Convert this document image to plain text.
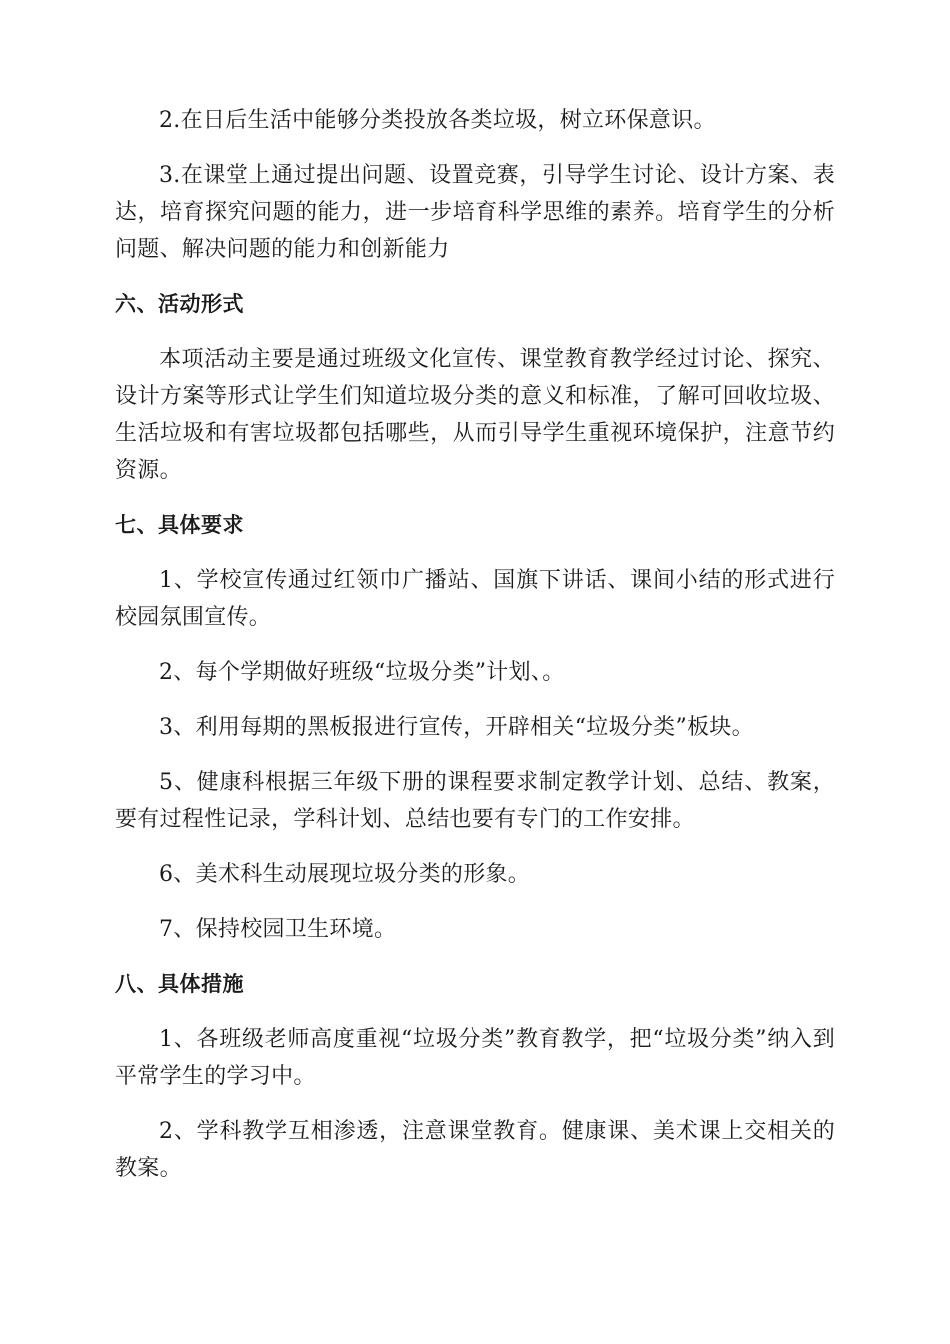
2.在日后生活中能够分类投放各类垃圾，树立环保意识。

3.在课堂上通过提出问题、设置竞赛，引导学生讨论、设计方案、表达，培育探究问题的能力，进一步培育科学思维的素养。培育学生的分析问题、解决问题的能力和创新能力

六、活动形式

本项活动主要是通过班级文化宣传、课堂教育教学经过讨论、探究、设计方案等形式让学生们知道垃圾分类的意义和标准，了解可回收垃圾、生活垃圾和有害垃圾都包括哪些，从而引导学生重视环境保护，注意节约资源。

七、具体要求

1、学校宣传通过红领巾广播站、国旗下讲话、课间小结的形式进行校园氛围宣传。

2、每个学期做好班级“垃圾分类”计划、。

3、利用每期的黑板报进行宣传，开辟相关“垃圾分类”板块。

5、健康科根据三年级下册的课程要求制定教学计划、总结、教案，要有过程性记录，学科计划、总结也要有专门的工作安排。

6、美术科生动展现垃圾分类的形象。

7、保持校园卫生环境。

八、具体措施

1、各班级老师高度重视“垃圾分类”教育教学，把“垃圾分类”纳入到平常学生的学习中。

2、学科教学互相渗透，注意课堂教育。健康课、美术课上交相关的教案。
